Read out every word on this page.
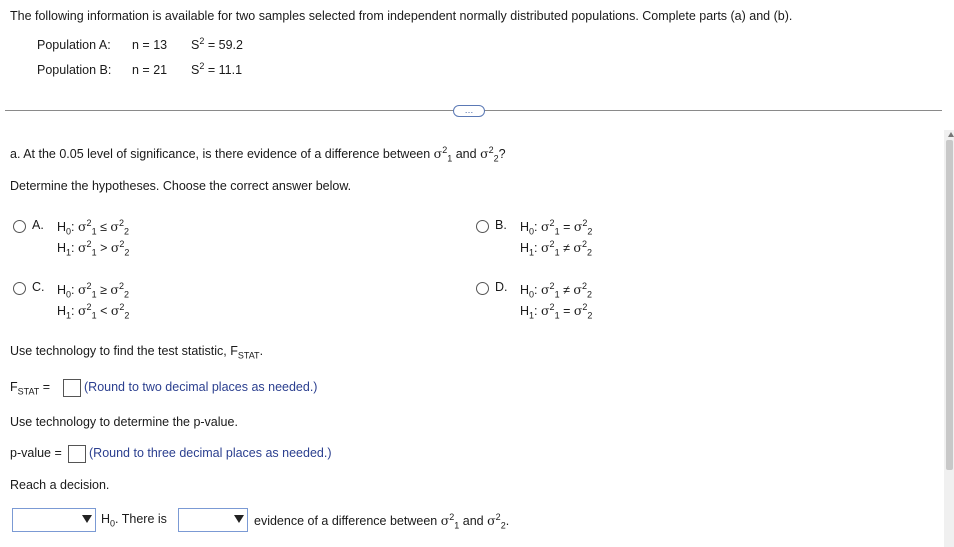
The following information is available for two samples selected from independent normally distributed populations. Complete parts (a) and (b).
Population A: n = 13 $S^2 = 59.2$
Population B: n = 21 $S^2 = 11.1$
…
a. At the 0.05 level of significance, is there evidence of a difference between $\sigma^2_1$ and $\sigma^2_2$?
Determine the hypotheses. Choose the correct answer below.
A. $H_0$: $\sigma^2_1 \le \sigma^2_2$
$H_1$: $\sigma^2_1 > \sigma^2_2$
B. $H_0$: $\sigma^2_1 = \sigma^2_2$
$H_1$: $\sigma^2_1 \ne \sigma^2_2$
C. $H_0$: $\sigma^2_1 \ge \sigma^2_2$
$H_1$: $\sigma^2_1 < \sigma^2_2$
D. $H_0$: $\sigma^2_1 \ne \sigma^2_2$
$H_1$: $\sigma^2_1 = \sigma^2_2$
Use technology to find the test statistic, $F_{STAT}$.
$F_{STAT}$ =	(Round to two decimal places as needed.)
Use technology to determine the p-value.
p-value = (Round to three decimal places as needed.)
Reach a decision.
$H_0$. There is	evidence of a difference between $\sigma^2_1$ and $\sigma^2_2$.
